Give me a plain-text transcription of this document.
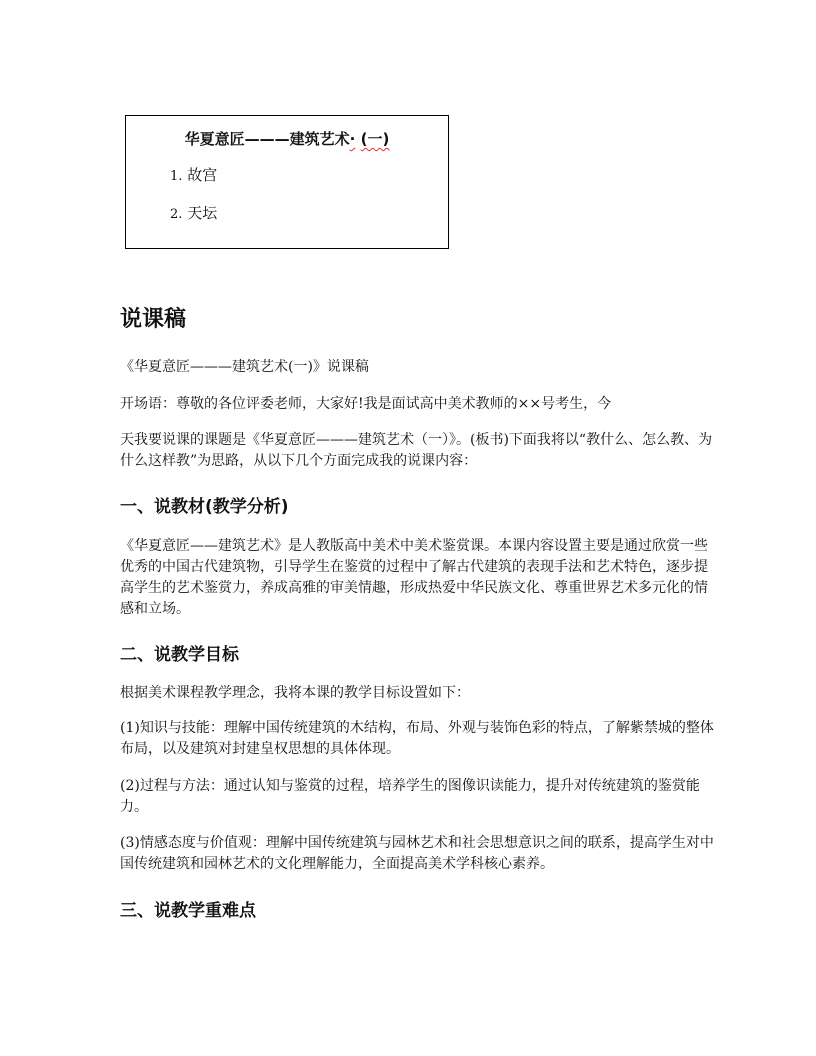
华夏意匠———建筑艺术· (一)
1. 故宫
2. 天坛
说课稿
《华夏意匠———建筑艺术(一)》说课稿
开场语：尊敬的各位评委老师，大家好!我是面试高中美术教师的××号考生，今
天我要说课的课题是《华夏意匠———建筑艺术（一）》。(板书)下面我将以“教什么、怎么教、为什么这样教”为思路，从以下几个方面完成我的说课内容：
一、说教材(教学分析)
《华夏意匠——建筑艺术》是人教版高中美术中美术鉴赏课。本课内容设置主要是通过欣赏一些优秀的中国古代建筑物，引导学生在鉴赏的过程中了解古代建筑的表现手法和艺术特色，逐步提高学生的艺术鉴赏力，养成高雅的审美情趣，形成热爱中华民族文化、尊重世界艺术多元化的情感和立场。
二、说教学目标
根据美术课程教学理念，我将本课的教学目标设置如下：
(1)知识与技能：理解中国传统建筑的木结构，布局、外观与装饰色彩的特点，了解紫禁城的整体布局，以及建筑对封建皇权思想的具体体现。
(2)过程与方法：通过认知与鉴赏的过程，培养学生的图像识读能力，提升对传统建筑的鉴赏能力。
(3)情感态度与价值观：理解中国传统建筑与园林艺术和社会思想意识之间的联系，提高学生对中国传统建筑和园林艺术的文化理解能力，全面提高美术学科核心素养。
三、说教学重难点
